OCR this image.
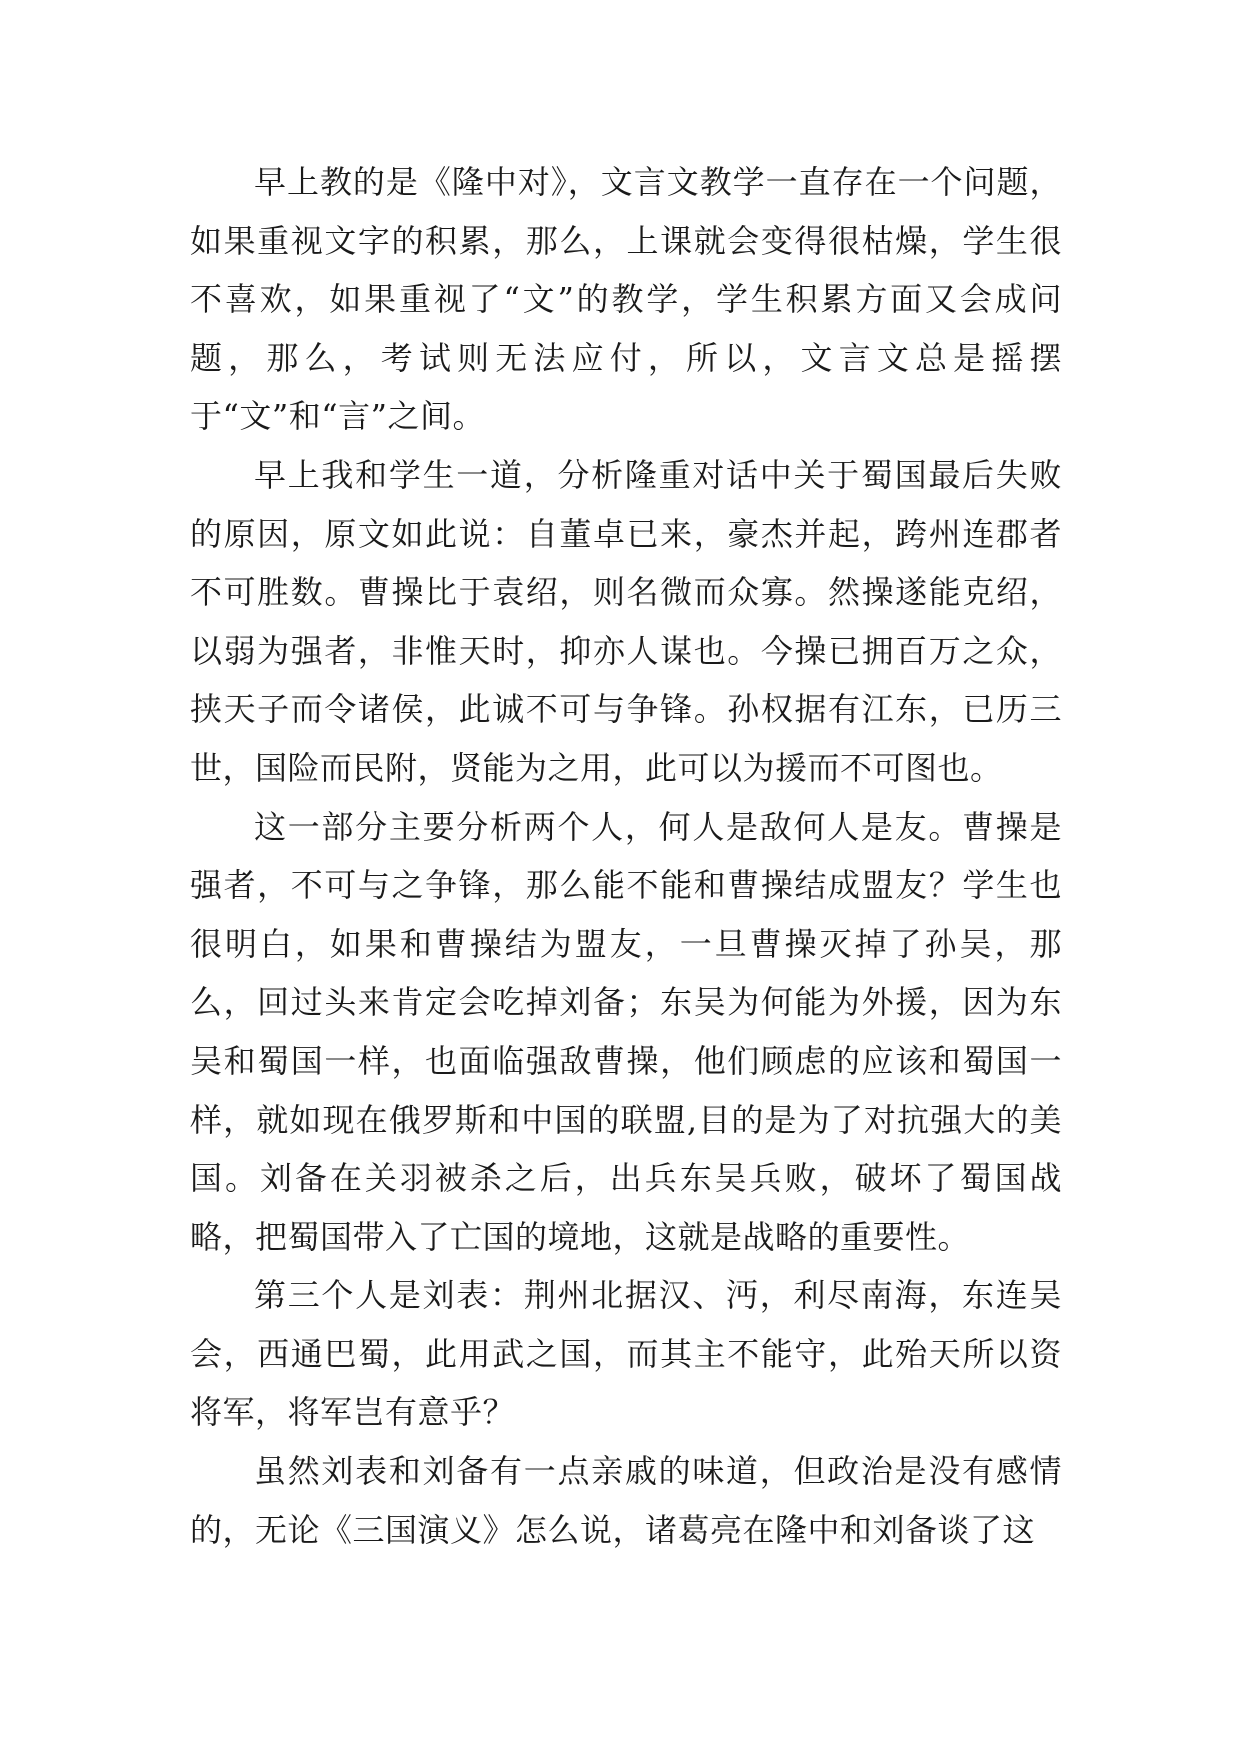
早上教的是《隆中对》，文言文教学一直存在一个问题，如果重视文字的积累，那么，上课就会变得很枯燥，学生很不喜欢，如果重视了“文”的教学，学生积累方面又会成问题，那么，考试则无法应付，所以，文言文总是摇摆于“文”和“言”之间。

早上我和学生一道，分析隆重对话中关于蜀国最后失败的原因，原文如此说：自董卓已来，豪杰并起，跨州连郡者不可胜数。曹操比于袁绍，则名微而众寡。然操遂能克绍，以弱为强者，非惟天时，抑亦人谋也。今操已拥百万之众，挟天子而令诸侯，此诚不可与争锋。孙权据有江东，已历三世，国险而民附，贤能为之用，此可以为援而不可图也。

这一部分主要分析两个人，何人是敌何人是友。曹操是强者，不可与之争锋，那么能不能和曹操结成盟友？学生也很明白，如果和曹操结为盟友，一旦曹操灭掉了孙吴，那么，回过头来肯定会吃掉刘备；东吴为何能为外援，因为东吴和蜀国一样，也面临强敌曹操，他们顾虑的应该和蜀国一样，就如现在俄罗斯和中国的联盟,目的是为了对抗强大的美国。刘备在关羽被杀之后，出兵东吴兵败，破坏了蜀国战略，把蜀国带入了亡国的境地，这就是战略的重要性。

第三个人是刘表：荆州北据汉、沔，利尽南海，东连吴会，西通巴蜀，此用武之国，而其主不能守，此殆天所以资将军，将军岂有意乎？

虽然刘表和刘备有一点亲戚的味道，但政治是没有感情的，无论《三国演义》怎么说，诸葛亮在隆中和刘备谈了这
